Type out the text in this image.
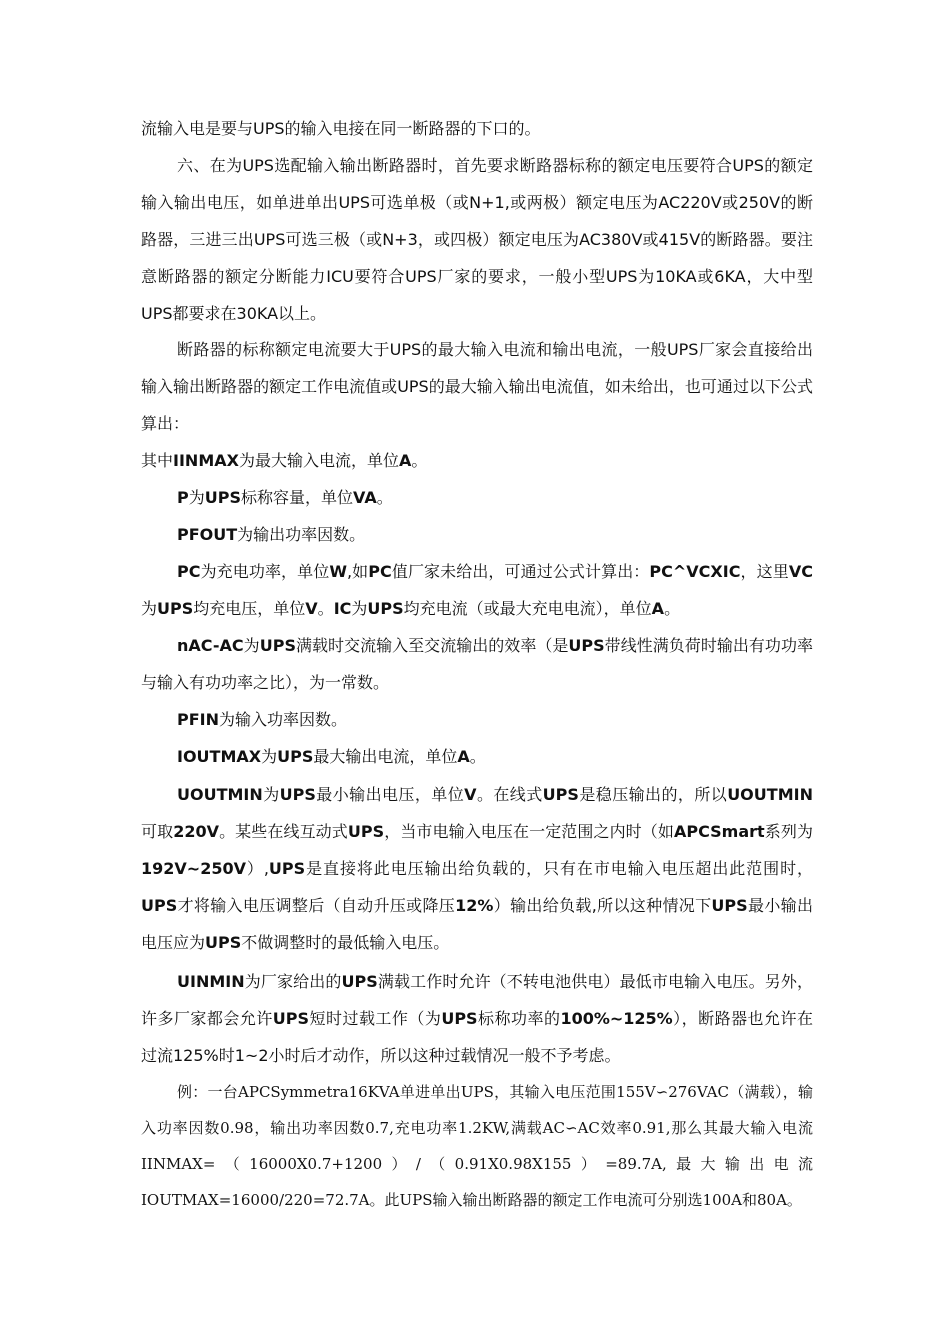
流输入电是要与UPS的输入电接在同一断路器的下口的。

六、在为UPS选配输入输出断路器时，首先要求断路器标称的额定电压要符合UPS的额定输入输出电压，如单进单出UPS可选单极（或N+1,或两极）额定电压为AC220V或250V的断路器，三进三出UPS可选三极（或N+3，或四极）额定电压为AC380V或415V的断路器。要注意断路器的额定分断能力ICU要符合UPS厂家的要求，一般小型UPS为10KA或6KA，大中型UPS都要求在30KA以上。

断路器的标称额定电流要大于UPS的最大输入电流和输出电流，一般UPS厂家会直接给出输入输出断路器的额定工作电流值或UPS的最大输入输出电流值，如未给出，也可通过以下公式算出：

其中IINMAX为最大输入电流，单位A。

P为UPS标称容量，单位VA。

PFOUT为输出功率因数。

PC为充电功率，单位W,如PC值厂家未给出，可通过公式计算出：PC^VCXIC，这里VC为UPS均充电压，单位V。IC为UPS均充电流（或最大充电电流），单位A。

nAC-AC为UPS满载时交流输入至交流输出的效率（是UPS带线性满负荷时输出有功功率与输入有功功率之比），为一常数。

PFIN为输入功率因数。

IOUTMAX为UPS最大输出电流，单位A。

UOUTMIN为UPS最小输出电压，单位V。在线式UPS是稳压输出的，所以UOUTMIN可取220V。某些在线互动式UPS，当市电输入电压在一定范围之内时（如APCSmart系列为192V~250V）,UPS是直接将此电压输出给负载的，只有在市电输入电压超出此范围时，UPS才将输入电压调整后（自动升压或降压12%）输出给负载,所以这种情况下UPS最小输出电压应为UPS不做调整时的最低输入电压。

UINMIN为厂家给出的UPS满载工作时允许（不转电池供电）最低市电输入电压。另外，许多厂家都会允许UPS短时过载工作（为UPS标称功率的100%~125%），断路器也允许在过流125%时1~2小时后才动作，所以这种过载情况一般不予考虑。

例：一台APCSymmetra16KVA单进单出UPS，其输入电压范围155V∽276VAC（满载），输入功率因数0.98，输出功率因数0.7,充电功率1.2KW,满载AC∽AC效率0.91,那么其最大输入电流IINMAX=（16000X0.7+1200）/（0.91X0.98X155）=89.7A,最大输出电流IOUTMAX=16000/220=72.7A。此UPS输入输出断路器的额定工作电流可分别选100A和80A。
